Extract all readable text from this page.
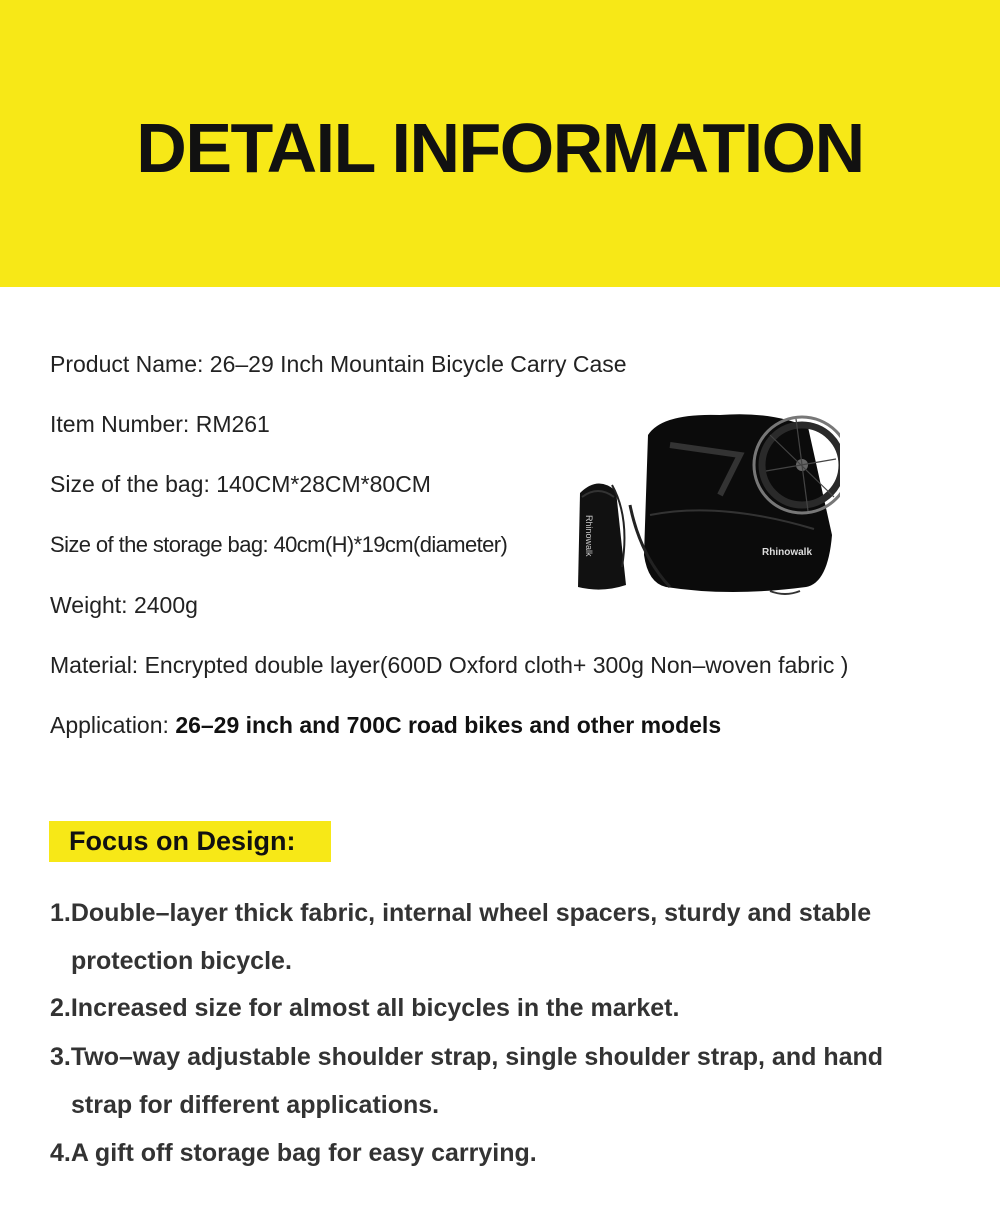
DETAIL INFORMATION
Product Name: 26–29 Inch Mountain Bicycle Carry Case
Item Number: RM261
Size of the bag: 140CM*28CM*80CM
Size of the storage bag: 40cm(H)*19cm(diameter)
Weight: 2400g
Material: Encrypted double layer(600D Oxford cloth+ 300g Non–woven fabric )
Application: 26–29 inch and 700C road bikes and other models
Rhinowalk	Rhinowalk
Focus on Design:
1.Double–layer thick fabric, internal wheel spacers, sturdy and stable
protection bicycle.
2.Increased size for almost all bicycles in the market.
3.Two–way adjustable shoulder strap, single shoulder strap, and hand
strap for different applications.
4.A gift off storage bag for easy carrying.
